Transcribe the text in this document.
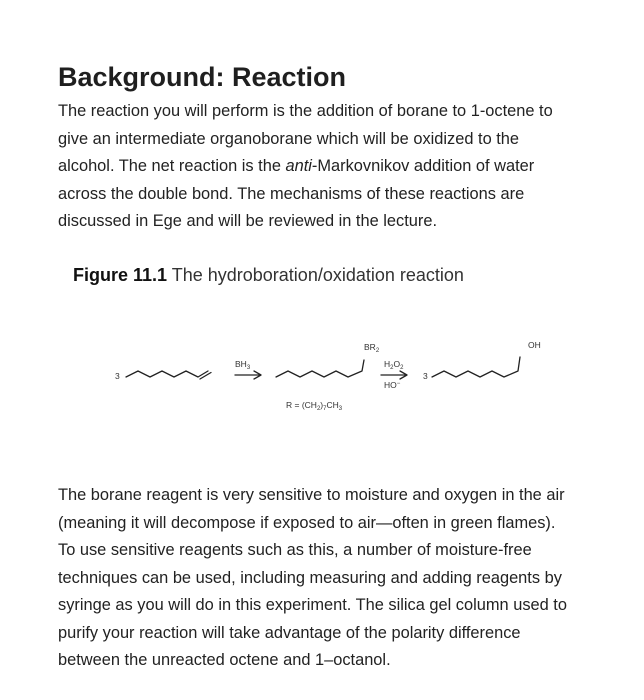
Background: Reaction

The reaction you will perform is the addition of borane to 1-octene to
give an intermediate organoborane which will be oxidized to the
alcohol. The net reaction is the anti-Markovnikov addition of water
across the double bond. The mechanisms of these reactions are
discussed in Ege and will be reviewed in the lecture.

Figure 11.1 The hydroboration/oxidation reaction
3
$BH_3$
$BR_2$
$H_2O_2$
HO−
3
OH
$R = (CH_2)_7CH_3$

The borane reagent is very sensitive to moisture and oxygen in the air
(meaning it will decompose if exposed to air—often in green flames).
To use sensitive reagents such as this, a number of moisture-free
techniques can be used, including measuring and adding reagents by
syringe as you will do in this experiment. The silica gel column used to
purify your reaction will take advantage of the polarity difference
between the unreacted octene and 1–octanol.
